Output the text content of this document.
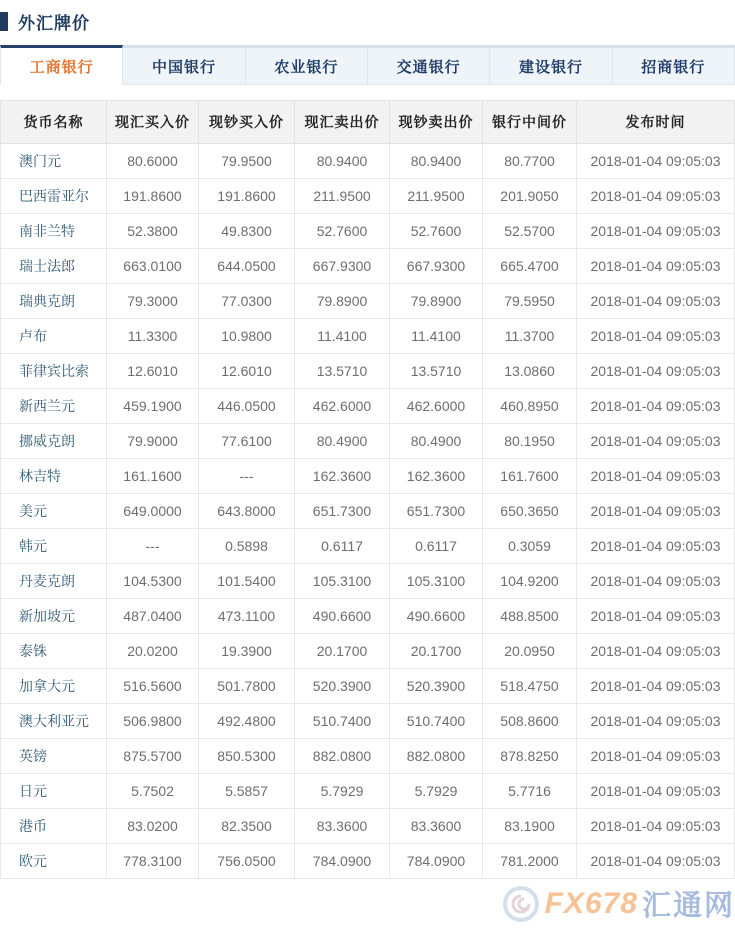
外汇牌价
工商银行	中国银行	农业银行	交通银行	建设银行	招商银行
货币名称	现汇买入价	现钞买入价	现汇卖出价	现钞卖出价	银行中间价	发布时间
澳门元	80.6000	79.9500	80.9400	80.9400	80.7700	2018-01-04 09:05:03
巴西雷亚尔	191.8600	191.8600	211.9500	211.9500	201.9050	2018-01-04 09:05:03
南非兰特	52.3800	49.8300	52.7600	52.7600	52.5700	2018-01-04 09:05:03
瑞士法郎	663.0100	644.0500	667.9300	667.9300	665.4700	2018-01-04 09:05:03
瑞典克朗	79.3000	77.0300	79.8900	79.8900	79.5950	2018-01-04 09:05:03
卢布	11.3300	10.9800	11.4100	11.4100	11.3700	2018-01-04 09:05:03
菲律宾比索	12.6010	12.6010	13.5710	13.5710	13.0860	2018-01-04 09:05:03
新西兰元	459.1900	446.0500	462.6000	462.6000	460.8950	2018-01-04 09:05:03
挪威克朗	79.9000	77.6100	80.4900	80.4900	80.1950	2018-01-04 09:05:03
林吉特	161.1600	---	162.3600	162.3600	161.7600	2018-01-04 09:05:03
美元	649.0000	643.8000	651.7300	651.7300	650.3650	2018-01-04 09:05:03
韩元	---	0.5898	0.6117	0.6117	0.3059	2018-01-04 09:05:03
丹麦克朗	104.5300	101.5400	105.3100	105.3100	104.9200	2018-01-04 09:05:03
新加坡元	487.0400	473.1100	490.6600	490.6600	488.8500	2018-01-04 09:05:03
泰铢	20.0200	19.3900	20.1700	20.1700	20.0950	2018-01-04 09:05:03
加拿大元	516.5600	501.7800	520.3900	520.3900	518.4750	2018-01-04 09:05:03
澳大利亚元	506.9800	492.4800	510.7400	510.7400	508.8600	2018-01-04 09:05:03
英镑	875.5700	850.5300	882.0800	882.0800	878.8250	2018-01-04 09:05:03
日元	5.7502	5.5857	5.7929	5.7929	5.7716	2018-01-04 09:05:03
港币	83.0200	82.3500	83.3600	83.3600	83.1900	2018-01-04 09:05:03
欧元	778.3100	756.0500	784.0900	784.0900	781.2000	2018-01-04 09:05:03
FX678 汇通网
